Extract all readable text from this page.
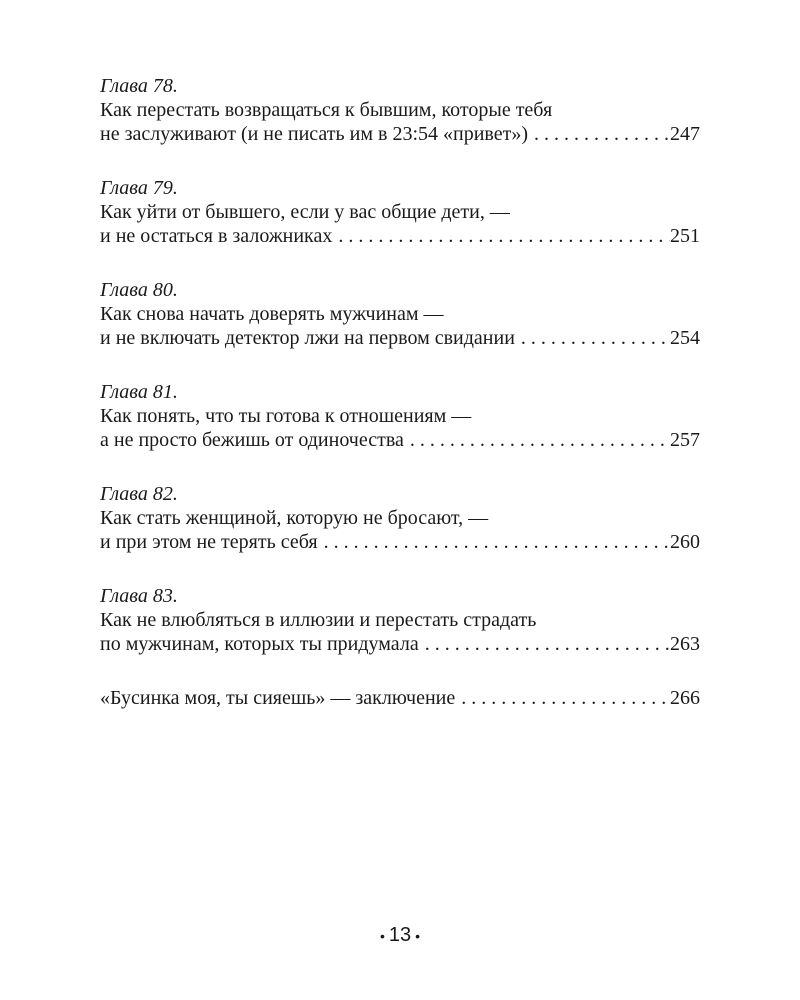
Глава 78.
Как перестать возвращаться к бывшим, которые тебя
не заслуживают (и не писать им в 23:54 «привет») . . .	247
Глава 79.
Как уйти от бывшего, если у вас общие дети, —
и не остаться в заложниках . . .	251
Глава 80.
Как снова начать доверять мужчинам —
и не включать детектор лжи на первом свидании . . .	254
Глава 81.
Как понять, что ты готова к отношениям —
а не просто бежишь от одиночества . . .	257
Глава 82.
Как стать женщиной, которую не бросают, —
и при этом не терять себя . . .	260
Глава 83.
Как не влюбляться в иллюзии и перестать страдать
по мужчинам, которых ты придумала . . .	263
«Бусинка моя, ты сияешь» — заключение . . .	266
• 13 •
